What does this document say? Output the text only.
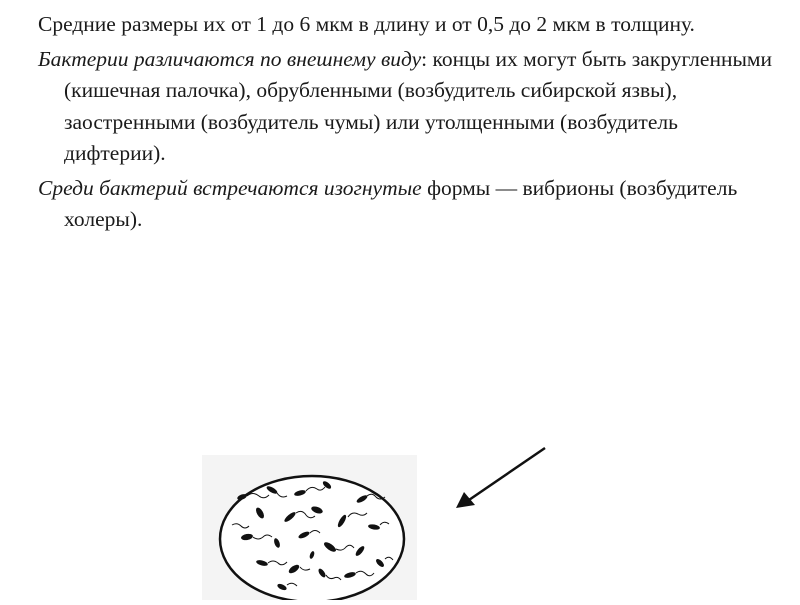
Средние размеры их от 1 до 6 мкм в длину и от 0,5 до 2 мкм в толщину.

Бактерии различаются по внешнему виду: концы их могут быть закругленными (кишечная палочка), обрубленными (возбудитель сибирской язвы), заостренными (возбудитель чумы) или утолщенными (возбудитель дифтерии).

Среди бактерий встречаются изогнутые формы — вибрионы (возбудитель холеры).
